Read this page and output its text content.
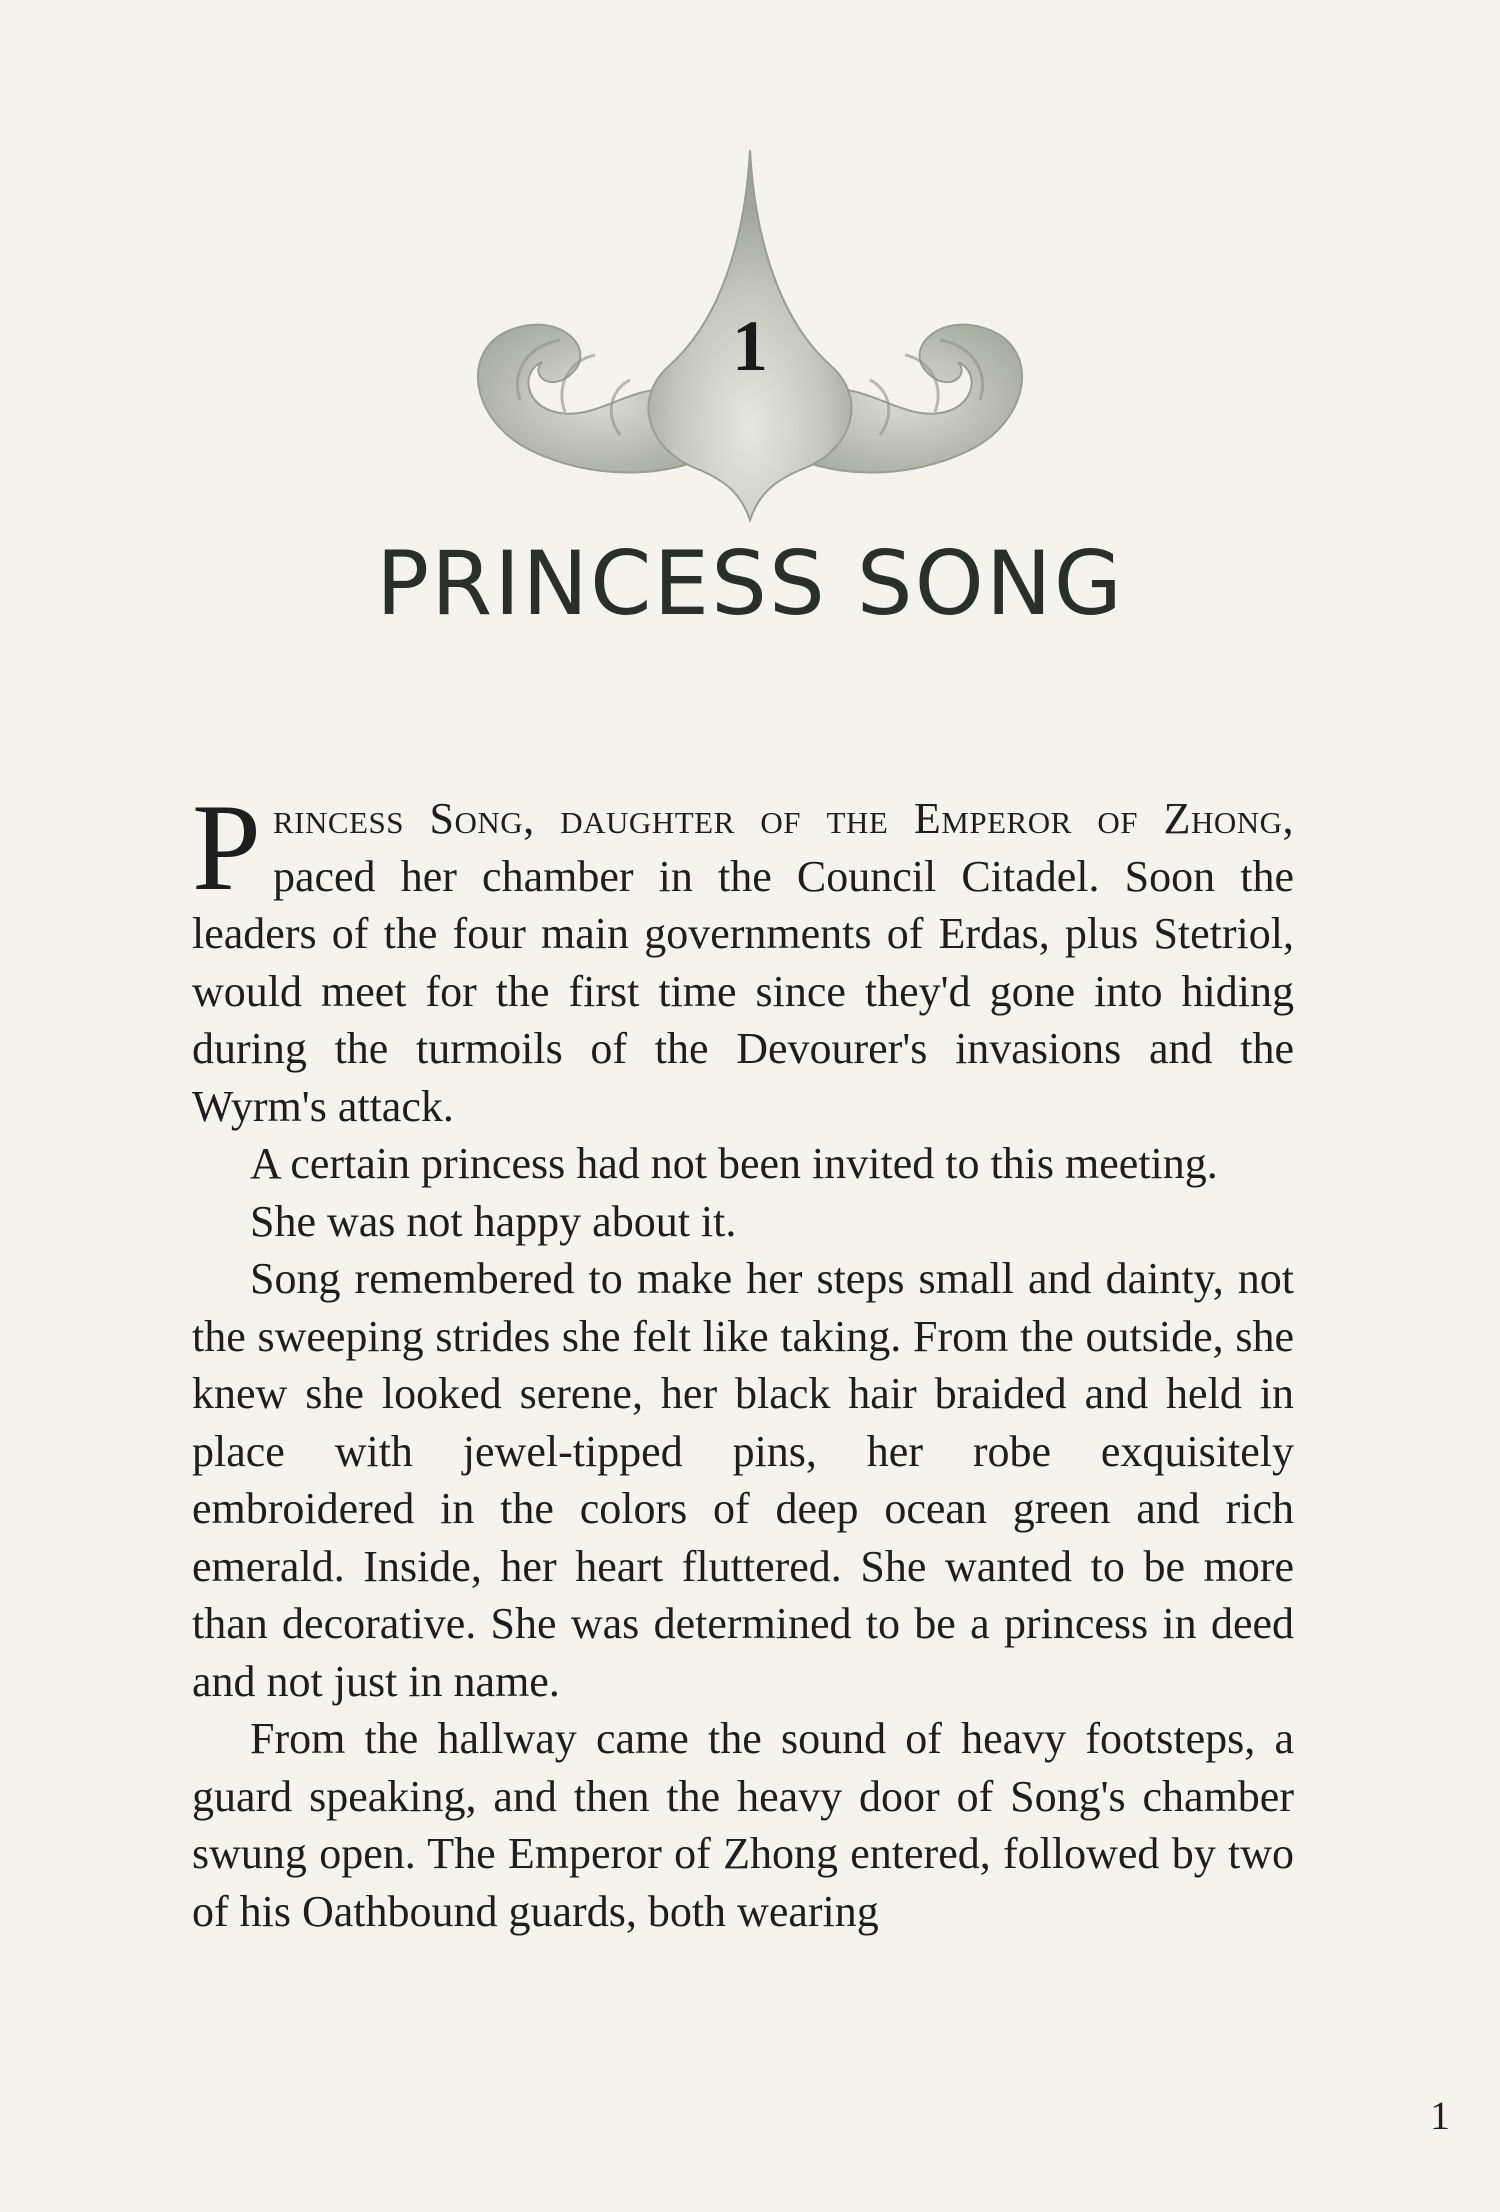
1
PRINCESS SONG

Princess Song, daughter of the Emperor of Zhong, paced her chamber in the Council Citadel. Soon the leaders of the four main governments of Erdas, plus Stetriol, would meet for the first time since they'd gone into hiding during the turmoils of the Devourer's invasions and the Wyrm's attack.

A certain princess had not been invited to this meeting.

She was not happy about it.

Song remembered to make her steps small and dainty, not the sweeping strides she felt like taking. From the outside, she knew she looked serene, her black hair braided and held in place with jewel-tipped pins, her robe exquisitely embroidered in the colors of deep ocean green and rich emerald. Inside, her heart fluttered. She wanted to be more than decorative. She was determined to be a princess in deed and not just in name.

From the hallway came the sound of heavy footsteps, a guard speaking, and then the heavy door of Song's chamber swung open. The Emperor of Zhong entered, followed by two of his Oathbound guards, both wearing

1
